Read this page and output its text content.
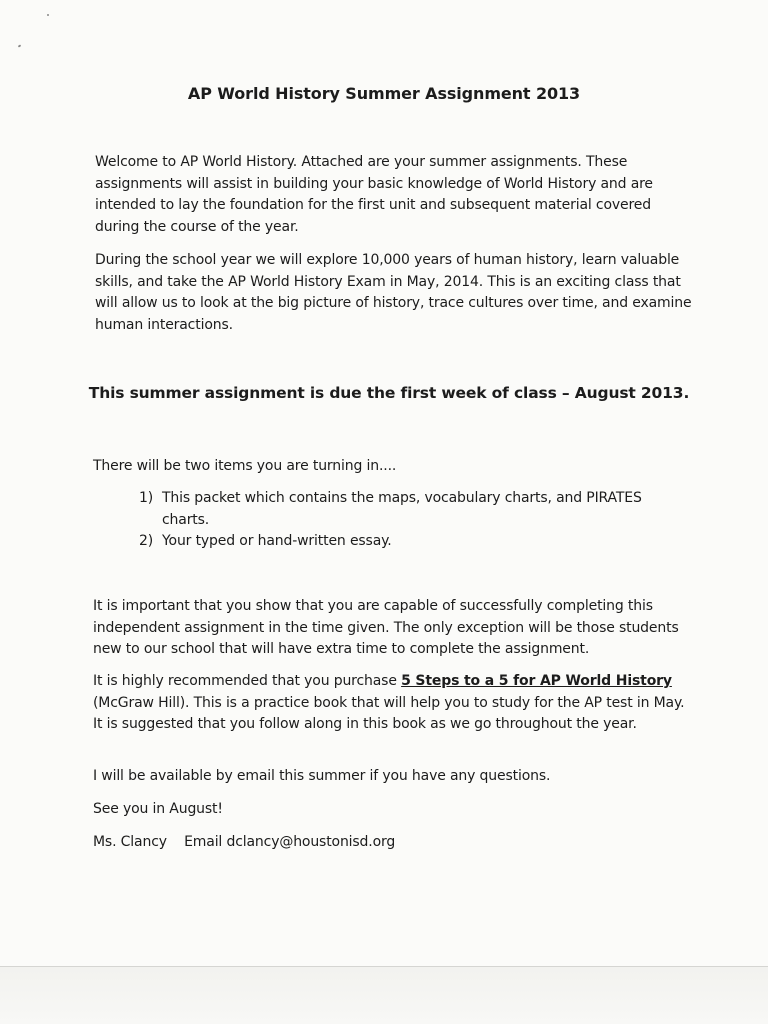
AP World History Summer Assignment 2013

Welcome to AP World History. Attached are your summer assignments. These assignments will assist in building your basic knowledge of World History and are intended to lay the foundation for the first unit and subsequent material covered during the course of the year.

During the school year we will explore 10,000 years of human history, learn valuable skills, and take the AP World History Exam in May, 2014. This is an exciting class that will allow us to look at the big picture of history, trace cultures over time, and examine human interactions.

This summer assignment is due the first week of class – August 2013.

There will be two items you are turning in....

1) This packet which contains the maps, vocabulary charts, and PIRATES charts.
2) Your typed or hand-written essay.

It is important that you show that you are capable of successfully completing this independent assignment in the time given. The only exception will be those students new to our school that will have extra time to complete the assignment.

It is highly recommended that you purchase 5 Steps to a 5 for AP World History (McGraw Hill). This is a practice book that will help you to study for the AP test in May. It is suggested that you follow along in this book as we go throughout the year.

I will be available by email this summer if you have any questions.

See you in August!

Ms. Clancy Email dclancy@houstonisd.org
